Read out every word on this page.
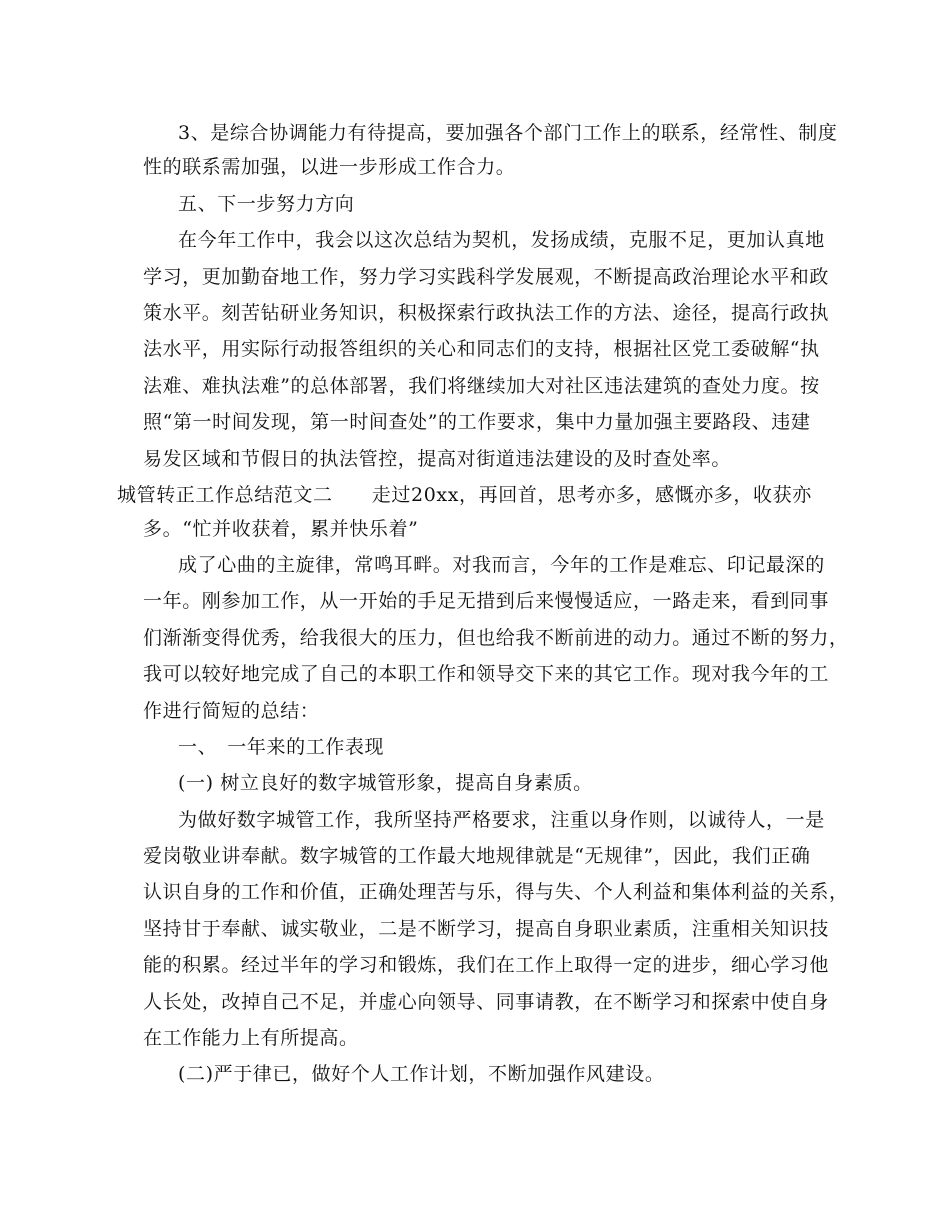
3、是综合协调能力有待提高，要加强各个部门工作上的联系，经常性、制度
性的联系需加强，以进一步形成工作合力。
五、下一步努力方向
在今年工作中，我会以这次总结为契机，发扬成绩，克服不足，更加认真地
学习，更加勤奋地工作，努力学习实践科学发展观，不断提高政治理论水平和政
策水平。刻苦钻研业务知识，积极探索行政执法工作的方法、途径，提高行政执
法水平，用实际行动报答组织的关心和同志们的支持，根据社区党工委破解“执
法难、难执法难”的总体部署，我们将继续加大对社区违法建筑的查处力度。按
照“第一时间发现，第一时间查处”的工作要求，集中力量加强主要路段、违建
易发区域和节假日的执法管控，提高对街道违法建设的及时查处率。
城管转正工作总结范文二　　走过20xx，再回首，思考亦多，感慨亦多，收获亦
多。“忙并收获着，累并快乐着”
成了心曲的主旋律，常鸣耳畔。对我而言，今年的工作是难忘、印记最深的
一年。刚参加工作，从一开始的手足无措到后来慢慢适应，一路走来，看到同事
们渐渐变得优秀，给我很大的压力，但也给我不断前进的动力。通过不断的努力，
我可以较好地完成了自己的本职工作和领导交下来的其它工作。现对我今年的工
作进行简短的总结：
一、　一年来的工作表现
(一) 树立良好的数字城管形象，提高自身素质。
为做好数字城管工作，我所坚持严格要求，注重以身作则，以诚待人，一是
爱岗敬业讲奉献。数字城管的工作最大地规律就是“无规律”，因此，我们正确
认识自身的工作和价值，正确处理苦与乐，得与失、个人利益和集体利益的关系，
坚持甘于奉献、诚实敬业，二是不断学习，提高自身职业素质，注重相关知识技
能的积累。经过半年的学习和锻炼，我们在工作上取得一定的进步，细心学习他
人长处，改掉自己不足，并虚心向领导、同事请教，在不断学习和探索中使自身
在工作能力上有所提高。
(二)严于律已，做好个人工作计划，不断加强作风建设。
